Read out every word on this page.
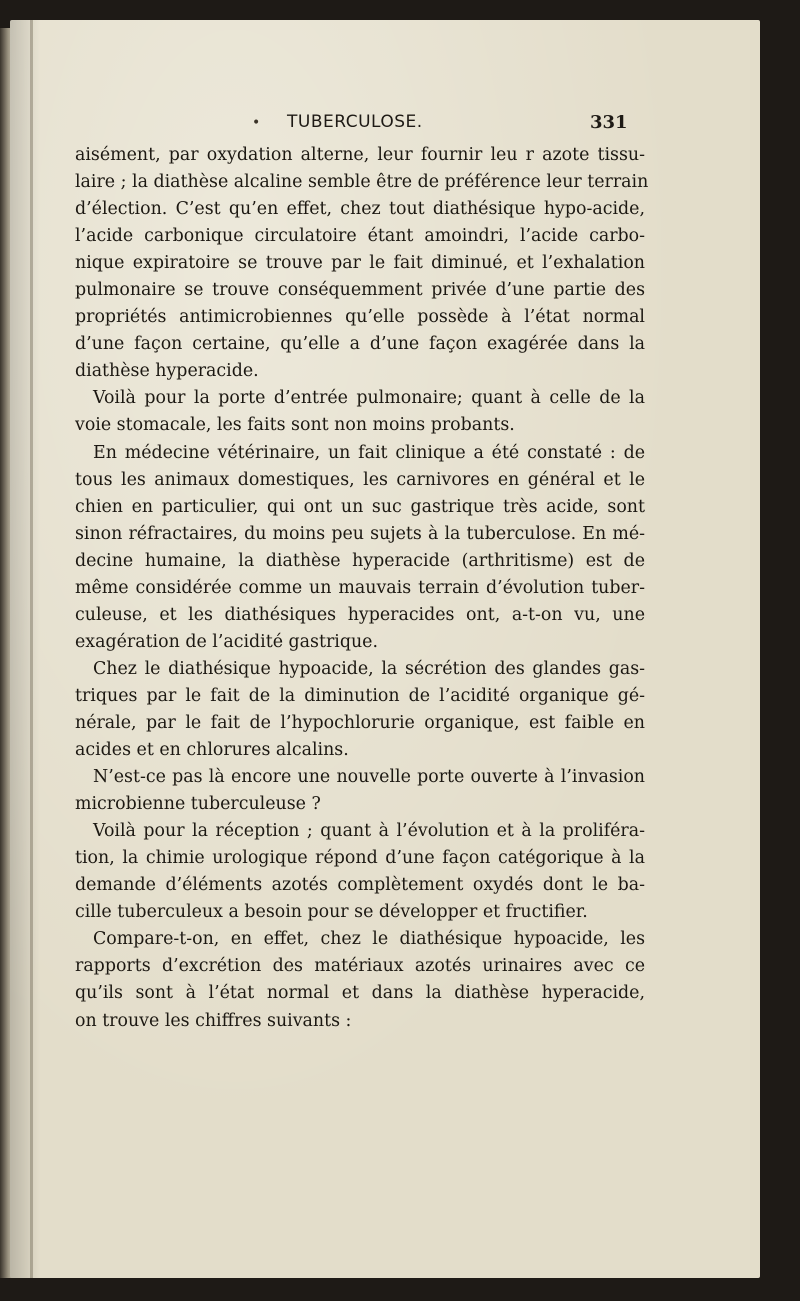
• TUBERCULOSE.	331
aisément, par oxydation alterne, leur fournir leu r azote tissu-
laire ; la diathèse alcaline semble être de préférence leur terrain
d’élection. C’est qu’en effet, chez tout diathésique hypo-acide,
l’acide carbonique circulatoire étant amoindri, l’acide carbo-
nique expiratoire se trouve par le fait diminué, et l’exhalation
pulmonaire se trouve conséquemment privée d’une partie des
propriétés antimicrobiennes qu’elle possède à l’état normal
d’une façon certaine, qu’elle a d’une façon exagérée dans la
diathèse hyperacide.
Voilà pour la porte d’entrée pulmonaire; quant à celle de la
voie stomacale, les faits sont non moins probants.
En médecine vétérinaire, un fait clinique a été constaté : de
tous les animaux domestiques, les carnivores en général et le
chien en particulier, qui ont un suc gastrique très acide, sont
sinon réfractaires, du moins peu sujets à la tuberculose. En mé-
decine humaine, la diathèse hyperacide (arthritisme) est de
même considérée comme un mauvais terrain d’évolution tuber-
culeuse, et les diathésiques hyperacides ont, a-t-on vu, une
exagération de l’acidité gastrique.
Chez le diathésique hypoacide, la sécrétion des glandes gas-
triques par le fait de la diminution de l’acidité organique gé-
nérale, par le fait de l’hypochlorurie organique, est faible en
acides et en chlorures alcalins.
N’est-ce pas là encore une nouvelle porte ouverte à l’invasion
microbienne tuberculeuse ?
Voilà pour la réception ; quant à l’évolution et à la proliféra-
tion, la chimie urologique répond d’une façon catégorique à la
demande d’éléments azotés complètement oxydés dont le ba-
cille tuberculeux a besoin pour se développer et fructifier.
Compare-t-on, en effet, chez le diathésique hypoacide, les
rapports d’excrétion des matériaux azotés urinaires avec ce
qu’ils sont à l’état normal et dans la diathèse hyperacide,
on trouve les chiffres suivants :
